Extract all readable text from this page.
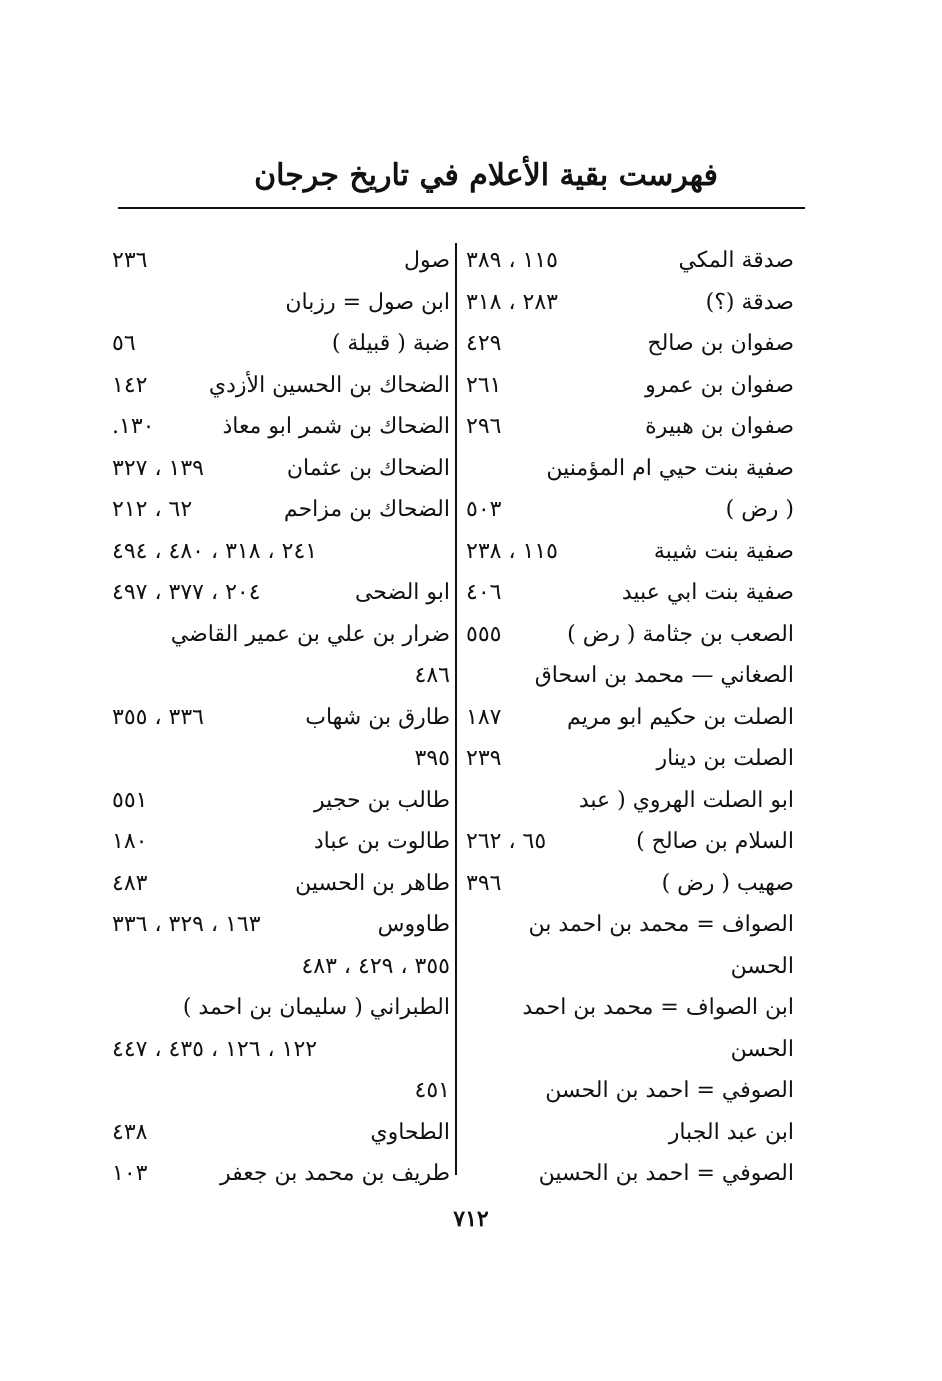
فهرست بقية الأعلام في تاريخ جرجان
صدقة المكي
١١٥ ، ٣٨٩
صدقة (؟)
٢٨٣ ، ٣١٨
صفوان بن صالح
٤٢٩
صفوان بن عمرو
٢٦١
صفوان بن هبيرة
٢٩٦
صفية بنت حيي ام المؤمنين
( رض )
٥٠٣
صفية بنت شيبة
١١٥ ، ٢٣٨
صفية بنت ابي عبيد
٤٠٦
الصعب بن جثامة ( رض )
٥٥٥
الصغاني — محمد بن اسحاق
الصلت بن حكيم ابو مريم
١٨٧
الصلت بن دينار
٢٣٩
ابو الصلت الهروي ( عبد
السلام بن صالح )
٦٥ ، ٢٦٢
صهيب ( رض )
٣٩٦
الصواف = محمد بن احمد بن
الحسن
ابن الصواف = محمد بن احمد
الحسن
الصوفي = احمد بن الحسن
ابن عبد الجبار
الصوفي = احمد بن الحسين
صول
٢٣٦
ابن صول = رزبان
ضبة ( قبيلة )
٥٦
الضحاك بن الحسين الأزدي
١٤٢
الضحاك بن شمر ابو معاذ
١٣٠.
الضحاك بن عثمان
١٣٩ ، ٣٢٧
الضحاك بن مزاحم
٦٢ ، ٢١٢
٢٤١ ، ٣١٨ ، ٤٨٠ ، ٤٩٤
ابو الضحى
٢٠٤ ، ٣٧٧ ، ٤٩٧
ضرار بن علي بن عمير القاضي
٤٨٦
طارق بن شهاب
٣٣٦ ، ٣٥٥
٣٩٥
طالب بن حجير
٥٥١
طالوت بن عباد
١٨٠
طاهر بن الحسين
٤٨٣
طاووس
١٦٣ ، ٣٢٩ ، ٣٣٦
٣٥٥ ، ٤٢٩ ، ٤٨٣
الطبراني ( سليمان بن احمد )
١٢٢ ، ١٢٦ ، ٤٣٥ ، ٤٤٧
٤٥١
الطحاوي
٤٣٨
طريف بن محمد بن جعفر
١٠٣
٧١٢
